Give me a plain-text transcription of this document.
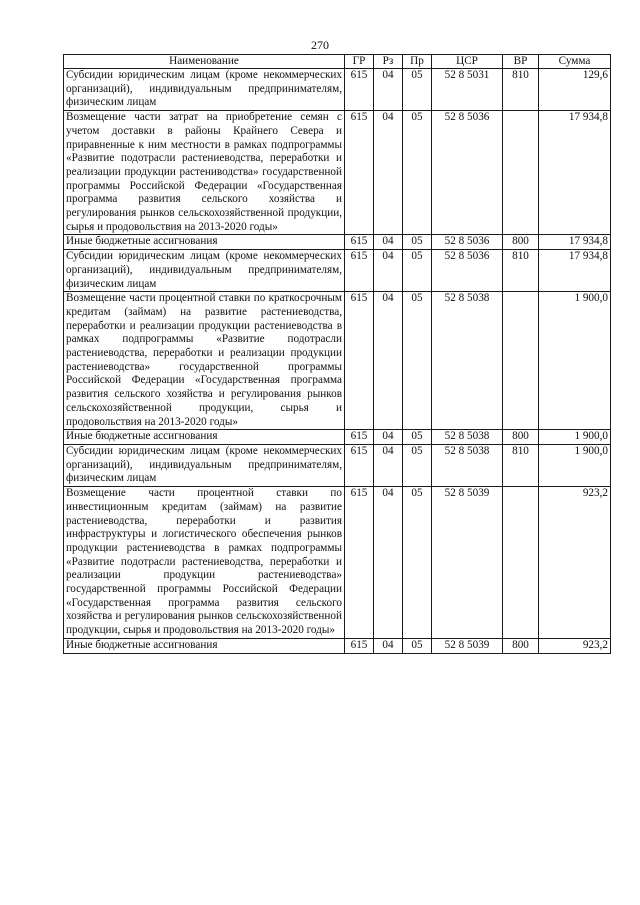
270
Наименование	ГР	Рз	Пр	ЦСР	ВР	Сумма
Субсидии юридическим лицам (кроме некоммерческих организаций), индивидуальным предпринимателям, физическим лицам	615	04	05	52 8 5031	810	129,6
Возмещение части затрат на приобретение семян с учетом доставки в районы Крайнего Севера и приравненные к ним местности в рамках подпрограммы «Развитие подотрасли растениеводства, переработки и реализации продукции растениводства» государственной программы Российской Федерации «Государственная программа развития сельского хозяйства и регулирования рынков сельскохозяйственной продукции, сырья и продовольствия на 2013-2020 годы»	615	04	05	52 8 5036		17 934,8
Иные бюджетные ассигнования	615	04	05	52 8 5036	800	17 934,8
Субсидии юридическим лицам (кроме некоммерческих организаций), индивидуальным предпринимателям, физическим лицам	615	04	05	52 8 5036	810	17 934,8
Возмещение части процентной ставки по краткосрочным кредитам (займам) на развитие растениеводства, переработки и реализации продукции растениеводства в рамках подпрограммы «Развитие подотрасли растениеводства, переработки и реализации продукции растениеводства» государственной программы Российской Федерации «Государственная программа развития сельского хозяйства и регулирования рынков сельскохозяйственной продукции, сырья и продовольствия на 2013-2020 годы»	615	04	05	52 8 5038		1 900,0
Иные бюджетные ассигнования	615	04	05	52 8 5038	800	1 900,0
Субсидии юридическим лицам (кроме некоммерческих организаций), индивидуальным предпринимателям, физическим лицам	615	04	05	52 8 5038	810	1 900,0
Возмещение части процентной ставки по инвестиционным кредитам (займам) на развитие растениеводства, переработки и развития инфраструктуры и логистического обеспечения рынков продукции растениеводства в рамках подпрограммы «Развитие подотрасли растениеводства, переработки и реализации продукции растениеводства» государственной программы Российской Федерации «Государственная программа развития сельского хозяйства и регулирования рынков сельскохозяйственной продукции, сырья и продовольствия на 2013-2020 годы»	615	04	05	52 8 5039		923,2
Иные бюджетные ассигнования	615	04	05	52 8 5039	800	923,2
